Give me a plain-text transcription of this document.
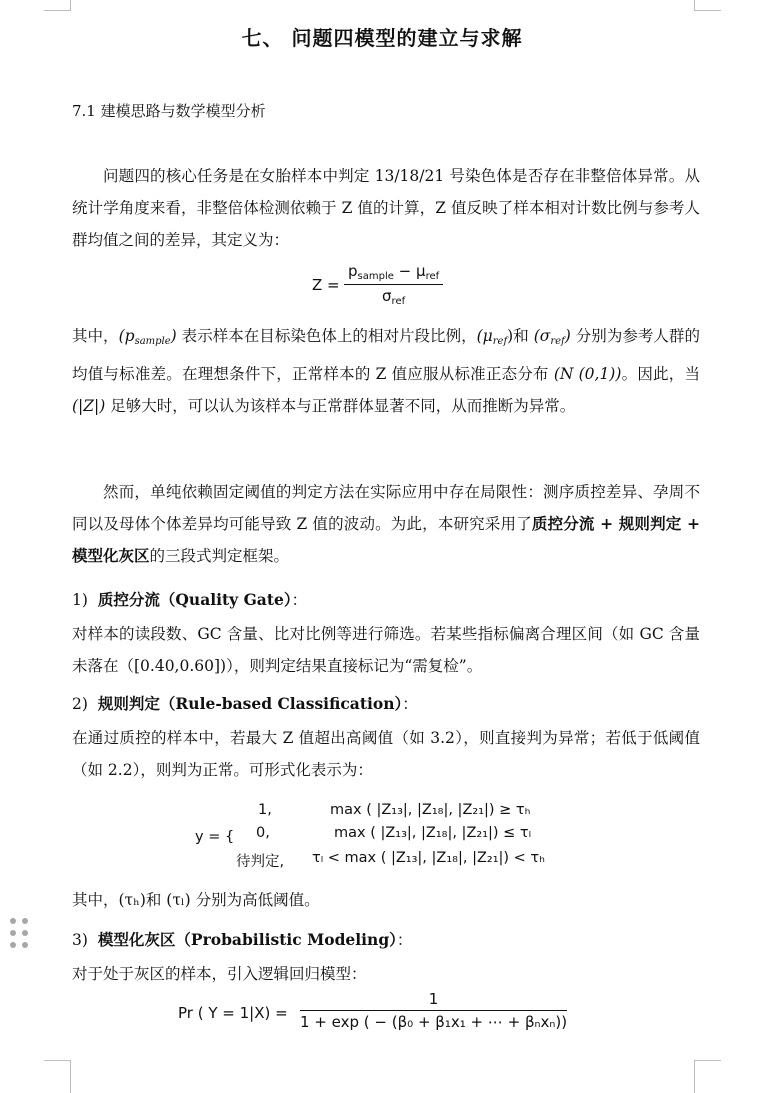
七、 问题四模型的建立与求解
7.1 建模思路与数学模型分析
问题四的核心任务是在女胎样本中判定 13/18/21 号染色体是否存在非整倍体异常。从统计学角度来看，非整倍体检测依赖于 Z 值的计算，Z 值反映了样本相对计数比例与参考人群均值之间的差异，其定义为：
Z =
$p_{sample} - \mu_{ref}$
$\sigma_{ref}$
其中，$(p_{sample})$ 表示样本在目标染色体上的相对片段比例，$(\mu_{ref})$和 $(\sigma_{ref})$ 分别为参考人群的均值与标准差。在理想条件下，正常样本的 Z 值应服从标准正态分布 (N (0,1))。因此，当 (|Z|) 足够大时，可以认为该样本与正常群体显著不同，从而推断为异常。
然而，单纯依赖固定阈值的判定方法在实际应用中存在局限性：测序质控差异、孕周不同以及母体个体差异均可能导致 Z 值的波动。为此，本研究采用了质控分流 + 规则判定 + 模型化灰区的三段式判定框架。
1) 质控分流（Quality Gate）：
对样本的读段数、GC 含量、比对比例等进行筛选。若某些指标偏离合理区间（如 GC 含量未落在（[0.40,0.60])），则判定结果直接标记为“需复检”。
2) 规则判定（Rule-based Classification）：
在通过质控的样本中，若最大 Z 值超出高阈值（如 3.2），则直接判为异常；若低于低阈值（如 2.2），则判为正常。可形式化表示为：
y = {
1,	max ( |Z₁₃|, |Z₁₈|, |Z₂₁|) ≥ τₕ
0,	max ( |Z₁₃|, |Z₁₈|, |Z₂₁|) ≤ τₗ
待判定, τₗ < max ( |Z₁₃|, |Z₁₈|, |Z₂₁|) < τₕ
其中，(τₕ)和 (τₗ) 分别为高低阈值。
3) 模型化灰区（Probabilistic Modeling）：
对于处于灰区的样本，引入逻辑回归模型：
Pr ( Y = 1|X) =
1
1 + exp ( − (β₀ + β₁x₁ + ⋯ + βₙxₙ))
